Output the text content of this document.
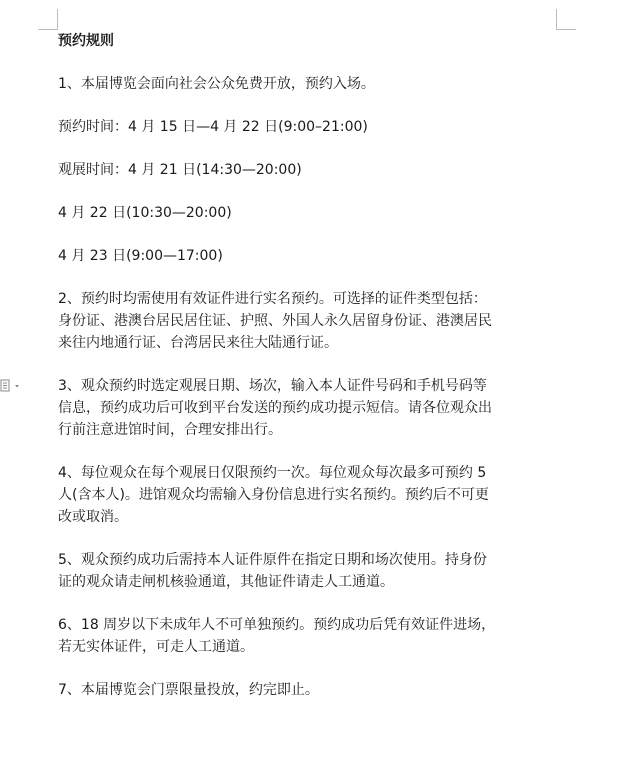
预约规则

1、本届博览会面向社会公众免费开放，预约入场。

预约时间：4 月 15 日—4 月 22 日(9:00–21:00)

观展时间：4 月 21 日(14:30—20:00)

4 月 22 日(10:30—20:00)

4 月 23 日(9:00—17:00)

2、预约时均需使用有效证件进行实名预约。可选择的证件类型包括：
身份证、港澳台居民居住证、护照、外国人永久居留身份证、港澳居民
来往内地通行证、台湾居民来往大陆通行证。

3、观众预约时选定观展日期、场次，输入本人证件号码和手机号码等
信息，预约成功后可收到平台发送的预约成功提示短信。请各位观众出
行前注意进馆时间，合理安排出行。

4、每位观众在每个观展日仅限预约一次。每位观众每次最多可预约 5
人(含本人)。进馆观众均需输入身份信息进行实名预约。预约后不可更
改或取消。

5、观众预约成功后需持本人证件原件在指定日期和场次使用。持身份
证的观众请走闸机核验通道，其他证件请走人工通道。

6、18 周岁以下未成年人不可单独预约。预约成功后凭有效证件进场，
若无实体证件，可走人工通道。

7、本届博览会门票限量投放，约完即止。
